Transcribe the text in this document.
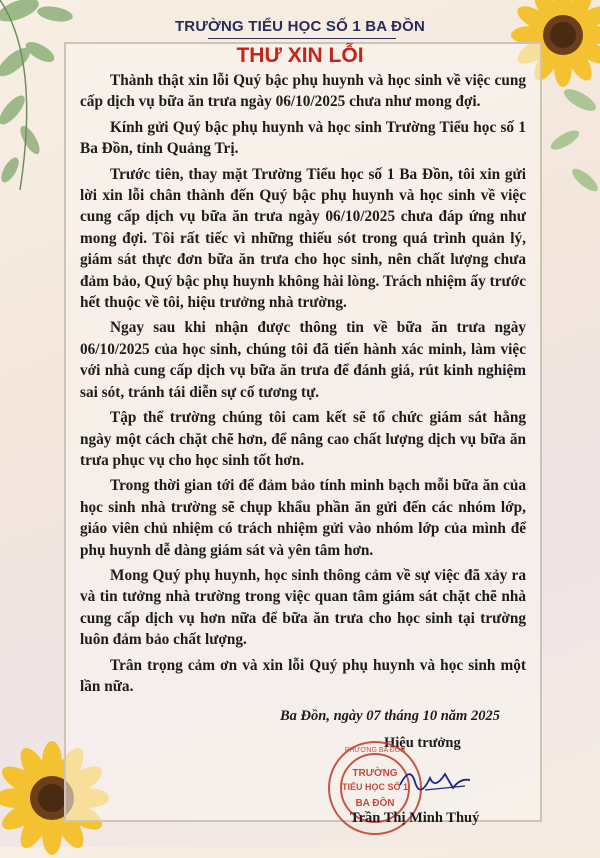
TRƯỜNG TIỂU HỌC SỐ 1 BA ĐỒN
THƯ XIN LỖI

Thành thật xin lỗi Quý bậc phụ huynh và học sinh về việc cung cấp dịch vụ bữa ăn trưa ngày 06/10/2025 chưa như mong đợi.

Kính gửi Quý bậc phụ huynh và học sinh Trường Tiểu học số 1 Ba Đồn, tỉnh Quảng Trị.

Trước tiên, thay mặt Trường Tiểu học số 1 Ba Đồn, tôi xin gửi lời xin lỗi chân thành đến Quý bậc phụ huynh và học sinh về việc cung cấp dịch vụ bữa ăn trưa ngày 06/10/2025 chưa đáp ứng như mong đợi. Tôi rất tiếc vì những thiếu sót trong quá trình quản lý, giám sát thực đơn bữa ăn trưa cho học sinh, nên chất lượng chưa đảm bảo, Quý bậc phụ huynh không hài lòng. Trách nhiệm ấy trước hết thuộc về tôi, hiệu trưởng nhà trường.

Ngay sau khi nhận được thông tin về bữa ăn trưa ngày 06/10/2025 của học sinh, chúng tôi đã tiến hành xác minh, làm việc với nhà cung cấp dịch vụ bữa ăn trưa để đánh giá, rút kinh nghiệm sai sót, tránh tái diễn sự cố tương tự.

Tập thể trường chúng tôi cam kết sẽ tổ chức giám sát hằng ngày một cách chặt chẽ hơn, để nâng cao chất lượng dịch vụ bữa ăn trưa phục vụ cho học sinh tốt hơn.

Trong thời gian tới để đảm bảo tính minh bạch mỗi bữa ăn của học sinh nhà trường sẽ chụp khẩu phần ăn gửi đến các nhóm lớp, giáo viên chủ nhiệm có trách nhiệm gửi vào nhóm lớp của mình để phụ huynh dễ dàng giám sát và yên tâm hơn.

Mong Quý phụ huynh, học sinh thông cảm về sự việc đã xảy ra và tin tưởng nhà trường trong việc quan tâm giám sát chặt chẽ nhà cung cấp dịch vụ hơn nữa để bữa ăn trưa cho học sinh tại trường luôn đảm bảo chất lượng.

Trân trọng cảm ơn và xin lỗi Quý phụ huynh và học sinh một lần nữa.

Ba Đồn, ngày 07 tháng 10 năm 2025
Hiệu trưởng
TRƯỜNG
TIỂU HỌC SỐ 1
BA ĐỒN
PHƯỜNG BA ĐỒN
Trần Thị Minh Thuý
